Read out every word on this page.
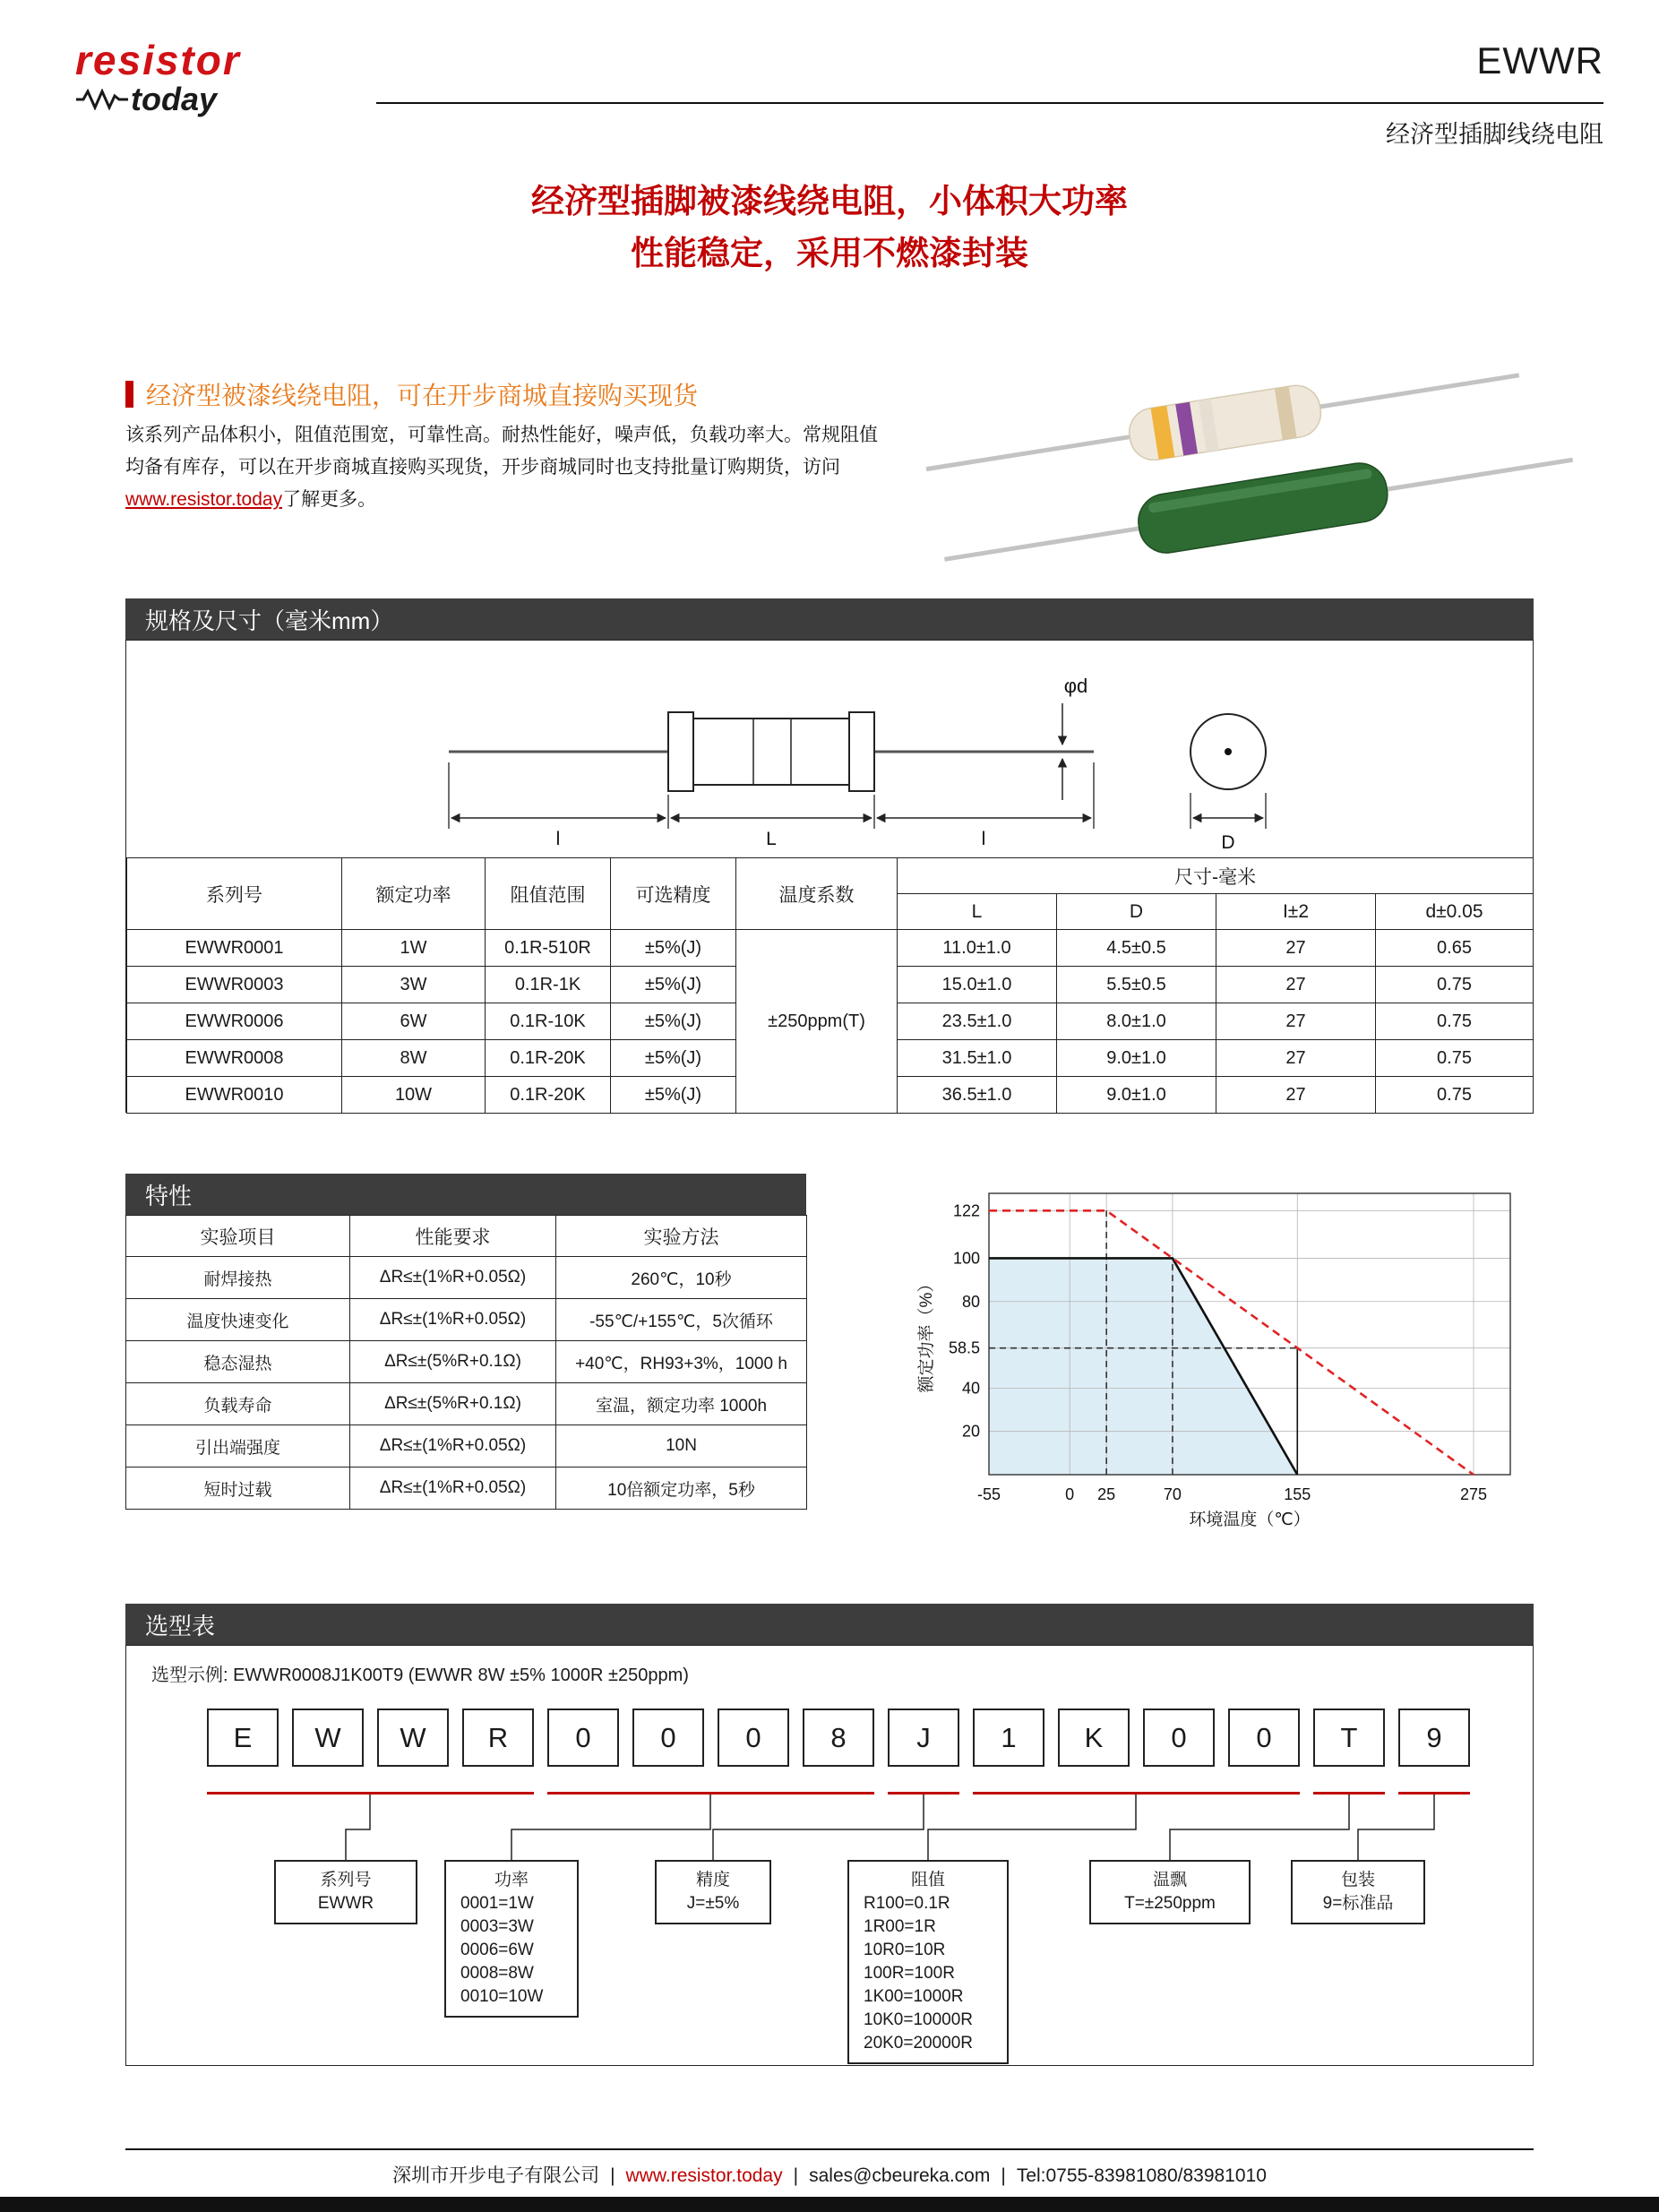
resistor
today
EWWR
经济型插脚线绕电阻
经济型插脚被漆线绕电阻，小体积大功率
性能稳定，采用不燃漆封装
经济型被漆线绕电阻，可在开步商城直接购买现货

该系列产品体积小，阻值范围宽，可靠性高。耐热性能好，噪声低，负载功率大。常规阻值均备有库存，可以在开步商城直接购买现货，开步商城同时也支持批量订购期货，访问www.resistor.today了解更多。

规格及尺寸（毫米mm）
φd
l	L	l	D
系列号	额定功率	阻值范围	可选精度	温度系数	尺寸-毫米			
					L	D	I±2	d±0.05
EWWR0001	1W	0.1R-510R	±5%(J)	±250ppm(T)	11.0±1.0	4.5±0.5	27	0.65
EWWR0003	3W	0.1R-1K	±5%(J)		15.0±1.0	5.5±0.5	27	0.75
EWWR0006	6W	0.1R-10K	±5%(J)		23.5±1.0	8.0±1.0	27	0.75
EWWR0008	8W	0.1R-20K	±5%(J)		31.5±1.0	9.0±1.0	27	0.75
EWWR0010	10W	0.1R-20K	±5%(J)		36.5±1.0	9.0±1.0	27	0.75
特性
实验项目	性能要求	实验方法
耐焊接热	ΔR≤±(1%R+0.05Ω)	260℃，10秒
温度快速变化	ΔR≤±(1%R+0.05Ω)	-55℃/+155℃，5次循环
稳态湿热	ΔR≤±(5%R+0.1Ω)	+40℃，RH93+3%，1000 h
负载寿命	ΔR≤±(5%R+0.1Ω)	室温，额定功率 1000h
引出端强度	ΔR≤±(1%R+0.05Ω)	10N
短时过载	ΔR≤±(1%R+0.05Ω)	10倍额定功率，5秒	-55	0 25	70	155	275
20
40
58.5
80
100
122
环境温度（℃）
额定功率（%）
选型表
选型示例: EWWR0008J1K00T9 (EWWR 8W ±5% 1000R ±250ppm)
E	W	W	R	0	0	0	8	J	1	K	0	0	T	9
系列号
EWWR
功率
0001=1W
0003=3W
0006=6W
0008=8W
0010=10W
精度
J=±5%
阻值
R100=0.1R
1R00=1R
10R0=10R
100R=100R
1K00=1000R
10K0=10000R
20K0=20000R
温飘
T=±250ppm
包装
9=标准品
深圳市开步电子有限公司 | www.resistor.today | sales@cbeureka.com | Tel:0755-83981080/83981010
